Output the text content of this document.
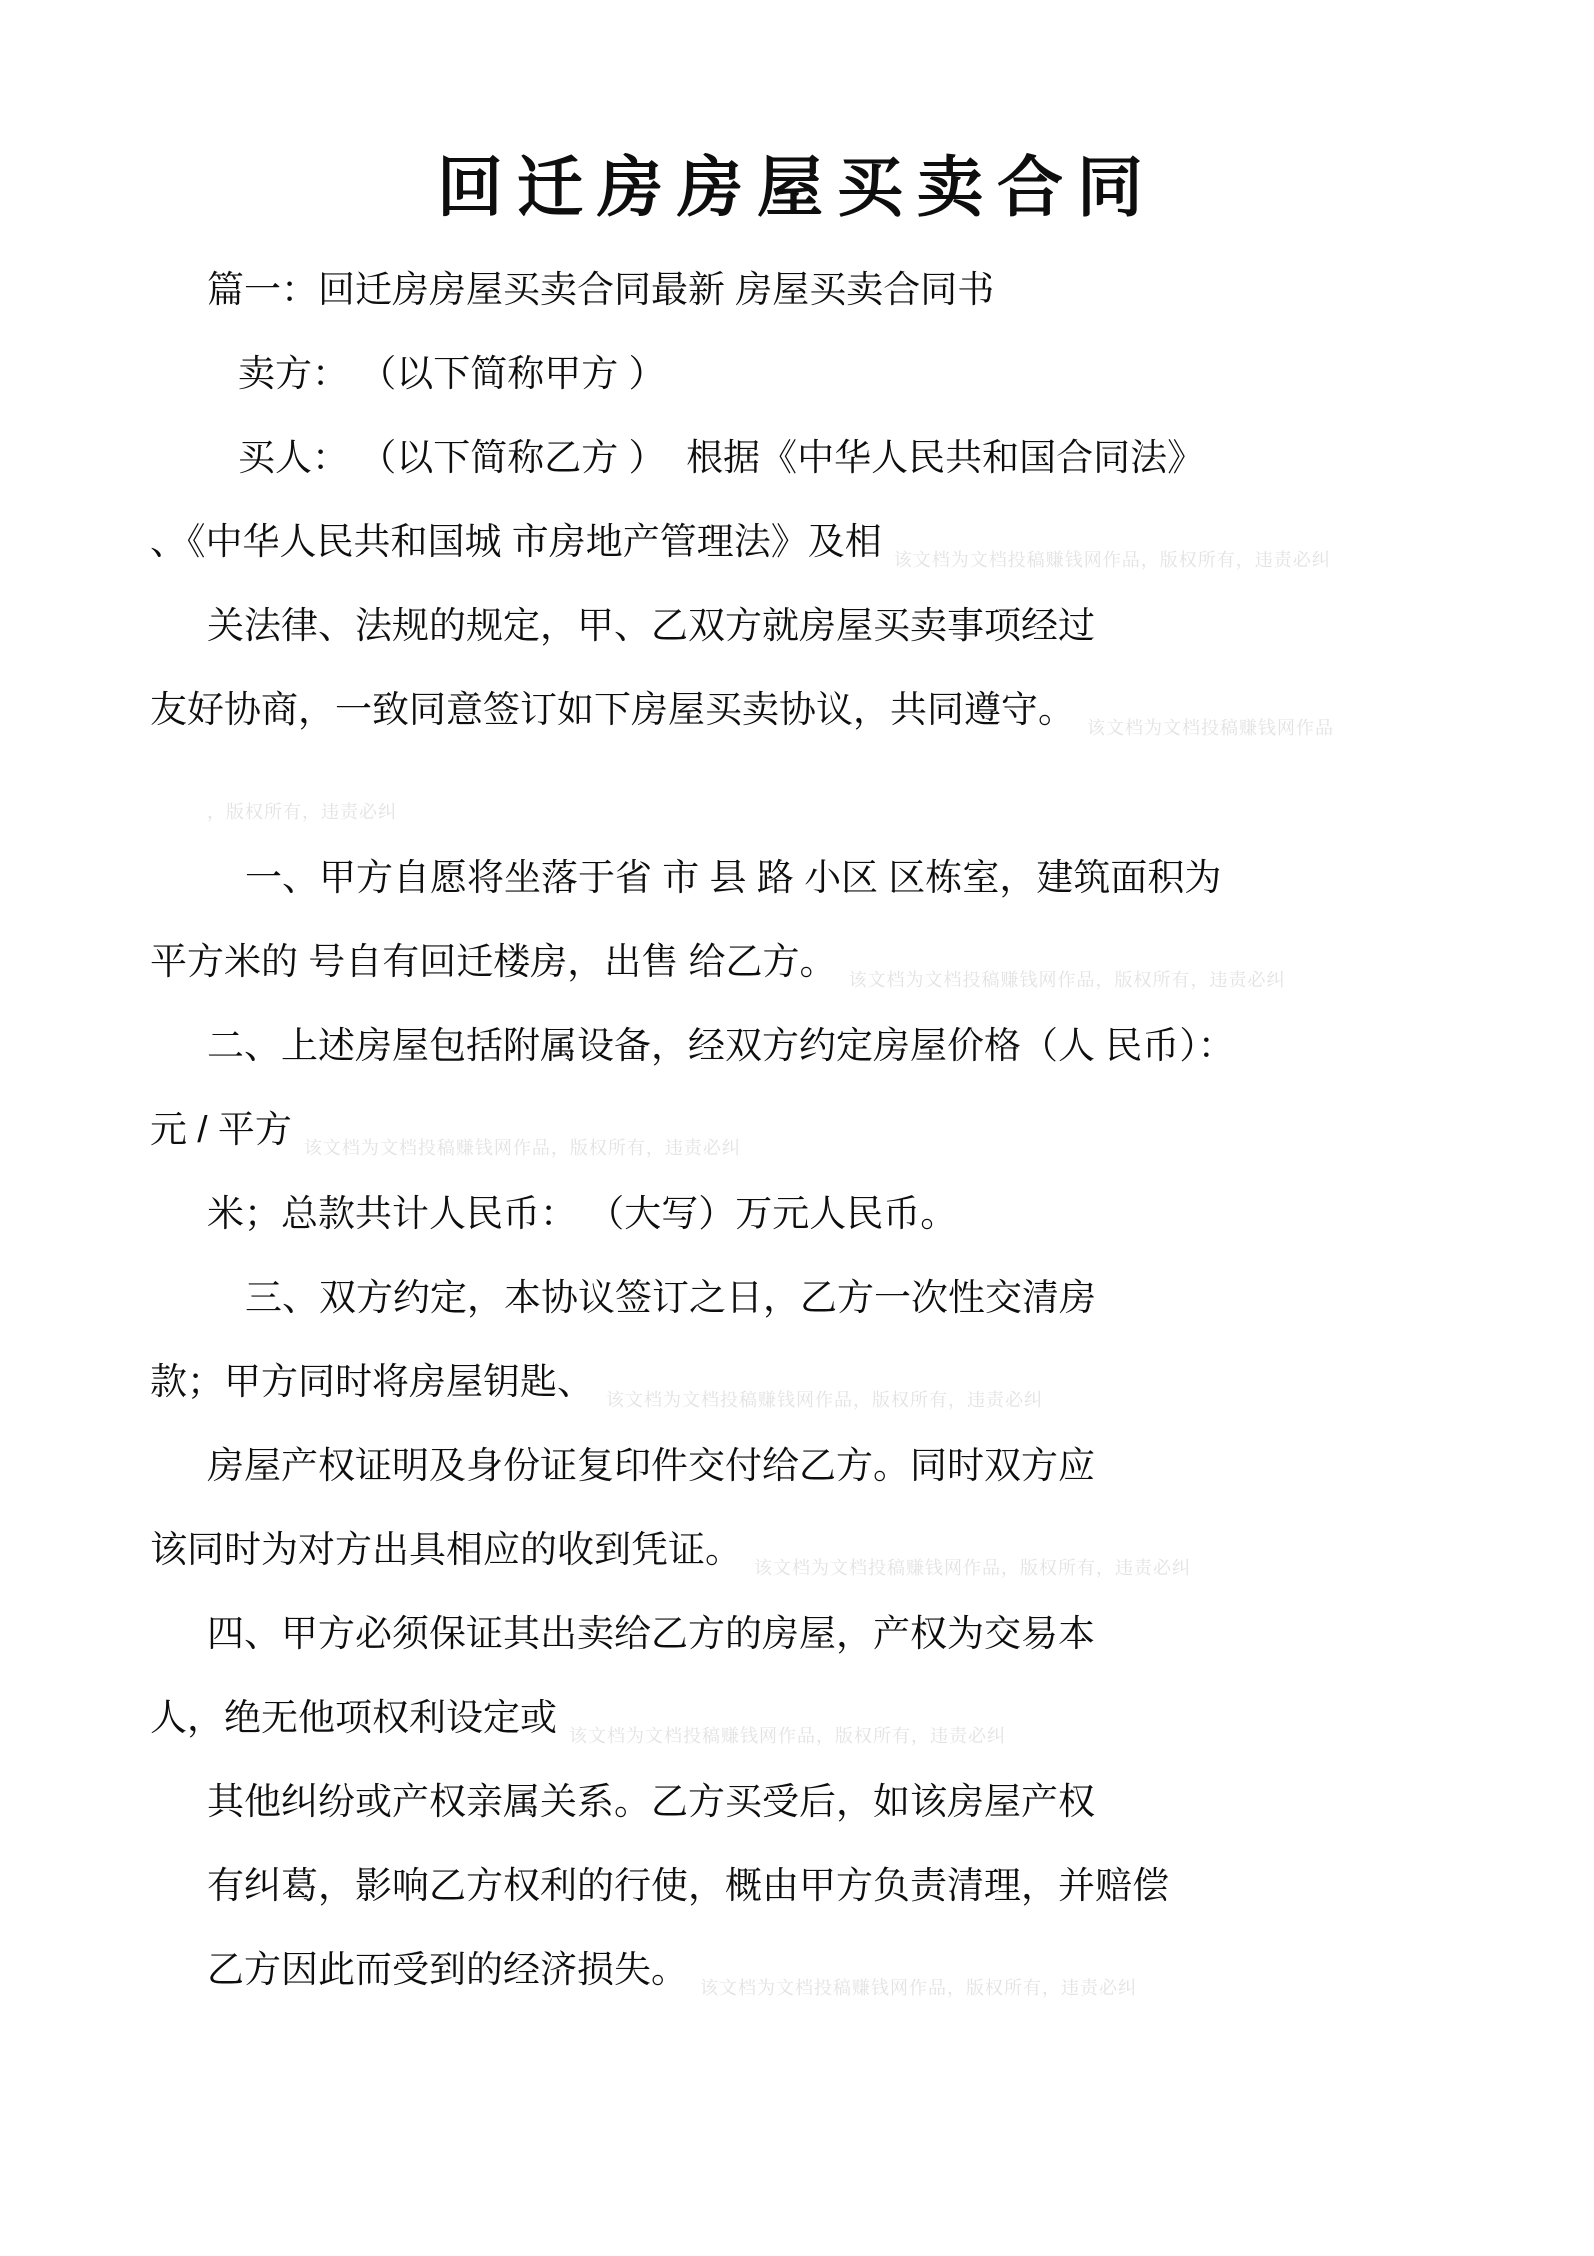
回迁房房屋买卖合同
篇一：回迁房房屋买卖合同最新 房屋买卖合同书
卖方： （以下简称甲方 ）
买人： （以下简称乙方 ）  根据《中华人民共和国合同法》
、《中华人民共和国城 市房地产管理法》及相 该文档为文档投稿赚钱网作品，版权所有，违责必纠
关法律、法规的规定，甲、乙双方就房屋买卖事项经过
友好协商，一致同意签订如下房屋买卖协议，共同遵守。 该文档为文档投稿赚钱网作品
，版权所有，违责必纠
一、甲方自愿将坐落于省 市 县 路 小区 区栋室，建筑面积为
平方米的 号自有回迁楼房，出售 给乙方。 该文档为文档投稿赚钱网作品，版权所有，违责必纠
二、上述房屋包括附属设备，经双方约定房屋价格（人 民币）：
元 / 平方 该文档为文档投稿赚钱网作品，版权所有，违责必纠
米；总款共计人民币： （大写）万元人民币。
三、双方约定，本协议签订之日，乙方一次性交清房
款；甲方同时将房屋钥匙、 该文档为文档投稿赚钱网作品，版权所有，违责必纠
房屋产权证明及身份证复印件交付给乙方。同时双方应
该同时为对方出具相应的收到凭证。 该文档为文档投稿赚钱网作品，版权所有，违责必纠
四、甲方必须保证其出卖给乙方的房屋，产权为交易本
人，绝无他项权利设定或 该文档为文档投稿赚钱网作品，版权所有，违责必纠
其他纠纷或产权亲属关系。乙方买受后，如该房屋产权
有纠葛，影响乙方权利的行使，概由甲方负责清理，并赔偿
乙方因此而受到的经济损失。 该文档为文档投稿赚钱网作品，版权所有，违责必纠
